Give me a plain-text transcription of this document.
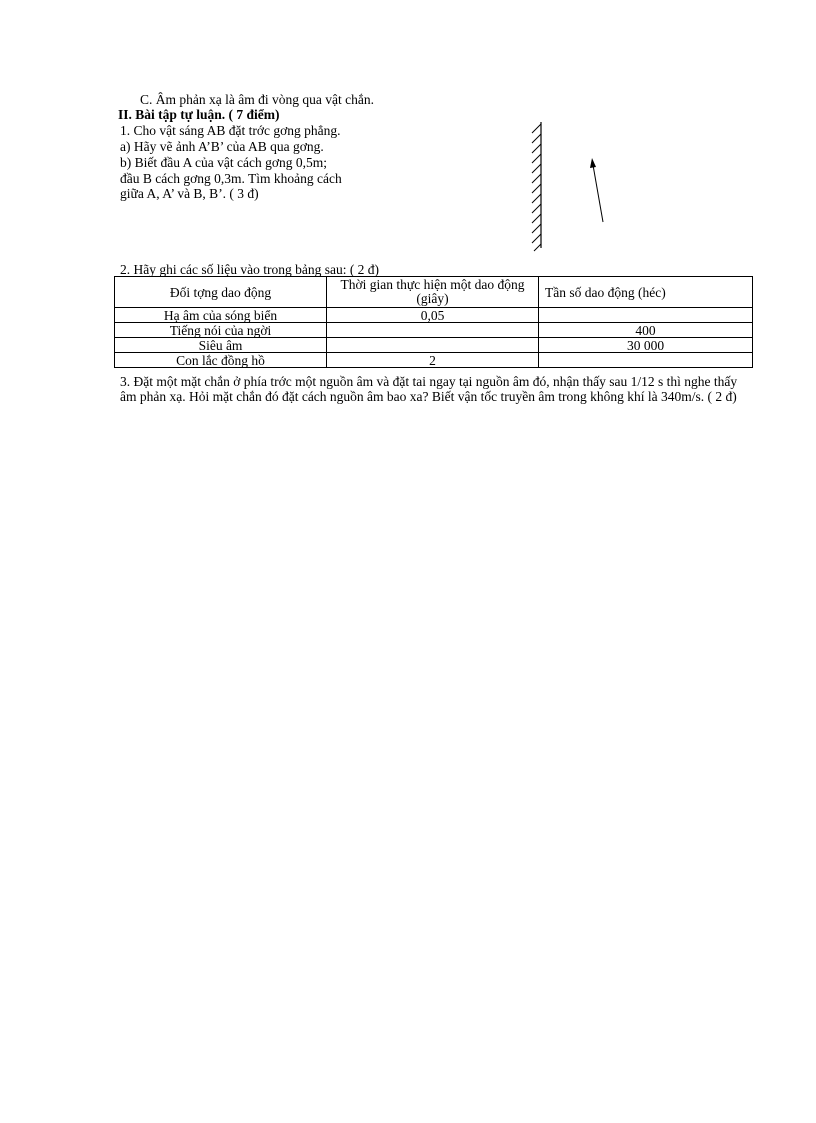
C. Âm phản xạ là âm đi vòng qua vật chắn.
II. Bài tập tự luận. ( 7 điểm)
1. Cho vật sáng AB đặt trớc gơng phẳng.
a) Hãy vẽ ảnh A’B’ của AB qua gơng.
b) Biết đầu A của vật cách gơng 0,5m;
đầu B cách gơng 0,3m. Tìm khoảng cách
giữa A, A’ và B, B’. ( 3 đ)
2. Hãy ghi các số liệu vào trong bảng sau: ( 2 đ)
Đối tợng dao động	Thời gian thực hiện một dao động (giây)	Tần số dao động (héc)
Hạ âm của sóng biển	0,05	
Tiếng nói của ngời		400
Siêu âm		30 000
Con lắc đồng hồ	2	
3. Đặt một mặt chắn ở phía trớc một nguồn âm và đặt tai ngay tại nguồn âm đó, nhận thấy sau 1/12 s thì nghe thấy âm phản xạ. Hỏi mặt chắn đó đặt cách nguồn âm bao xa? Biết vận tốc truyền âm trong không khí là 340m/s. ( 2 đ)
